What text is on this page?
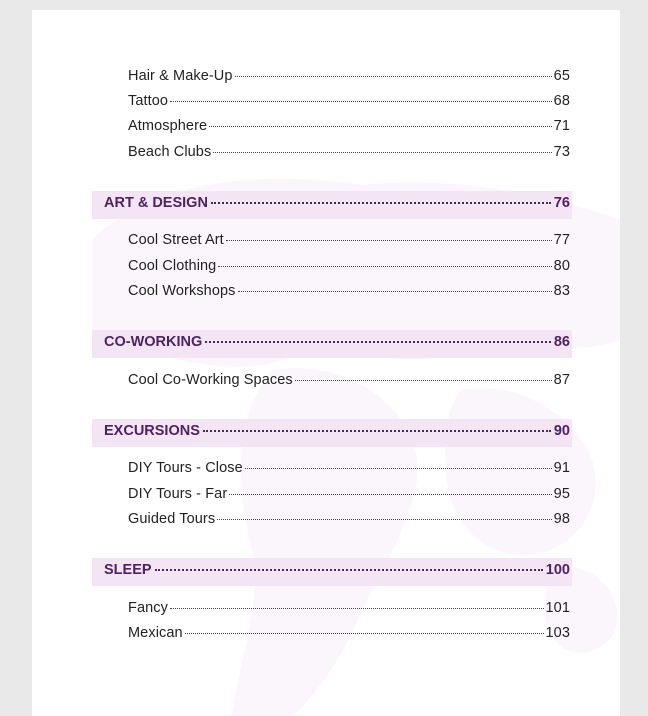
Hair & Make-Up	65
Tattoo	68
Atmosphere	71
Beach Clubs	73
ART & DESIGN	76
Cool Street Art	77
Cool Clothing	80
Cool Workshops	83
CO-WORKING	86
Cool Co-Working Spaces	87
EXCURSIONS	90
DIY Tours - Close	91
DIY Tours - Far	95
Guided Tours	98
SLEEP	100
Fancy	101
Mexican	103
